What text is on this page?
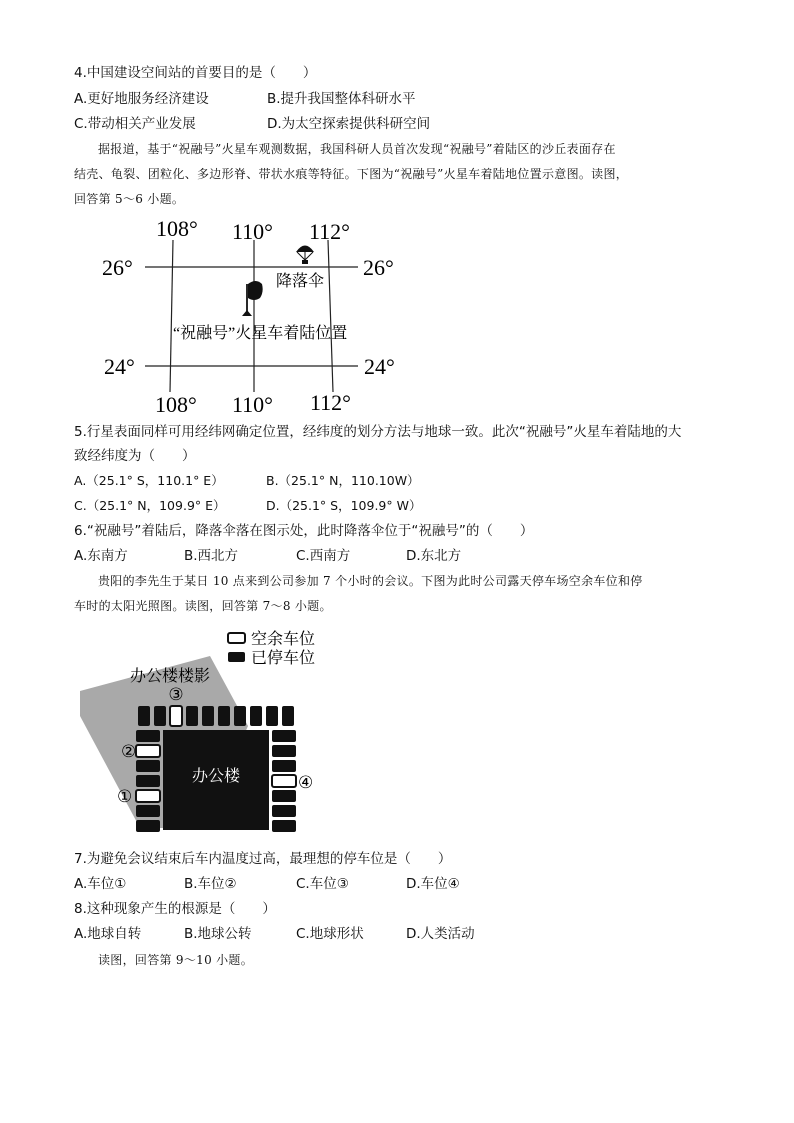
4.中国建设空间站的首要目的是（　　）
A.更好地服务经济建设	B.提升我国整体科研水平
C.带动相关产业发展	D.为太空探索提供科研空间
据报道，基于“祝融号”火星车观测数据，我国科研人员首次发现“祝融号”着陆区的沙丘表面存在
结壳、龟裂、团粒化、多边形脊、带状水痕等特征。下图为“祝融号”火星车着陆地位置示意图。读图，
回答第 5～6 小题。
108° 110° 112°
108° 110° 112°
26°	26°
24°	24°
降落伞
“祝融号”火星车着陆位置
5.行星表面同样可用经纬网确定位置，经纬度的划分方法与地球一致。此次“祝融号”火星车着陆地的大
致经纬度为（　　）
A.（25.1° S，110.1° E）	B.（25.1° N，110.10W）
C.（25.1° N，109.9° E）	D.（25.1° S，109.9° W）
6.“祝融号”着陆后，降落伞落在图示处，此时降落伞位于“祝融号”的（　　）
A.东南方	B.西北方	C.西南方	D.东北方
贵阳的李先生于某日 10 点来到公司参加 7 个小时的会议。下图为此时公司露天停车场空余车位和停
车时的太阳光照图。读图，回答第 7～8 小题。
空余车位
已停车位
办公楼楼影
办公楼
③
②
①
④
7.为避免会议结束后车内温度过高，最理想的停车位是（　　）
A.车位①	B.车位②	C.车位③	D.车位④
8.这种现象产生的根源是（　　）
A.地球自转	B.地球公转	C.地球形状	D.人类活动
读图，回答第 9～10 小题。
